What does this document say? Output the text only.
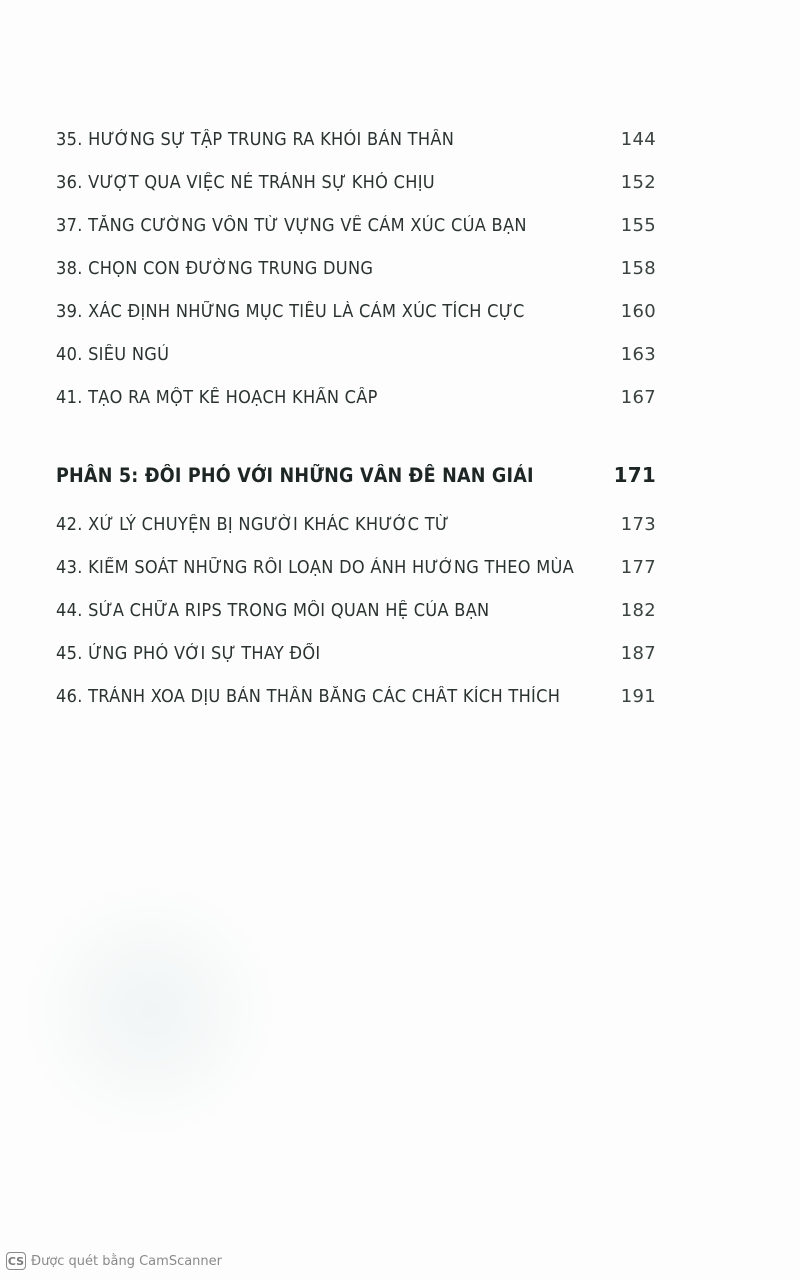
35. HƯỚNG SỰ TẬP TRUNG RA KHỎI BẢN THÂN	144
36. VƯỢT QUA VIỆC NÉ TRÁNH SỰ KHÓ CHỊU	152
37. TĂNG CƯỜNG VỐN TỪ VỰNG VỀ CẢM XÚC CỦA BẠN	155
38. CHỌN CON ĐƯỜNG TRUNG DUNG	158
39. XÁC ĐỊNH NHỮNG MỤC TIÊU LÀ CẢM XÚC TÍCH CỰC	160
40. SIÊU NGỦ	163
41. TẠO RA MỘT KẾ HOẠCH KHẨN CẤP	167
PHẦN 5: ĐỐI PHÓ VỚI NHỮNG VẤN ĐỀ NAN GIẢI	171
42. XỬ LÝ CHUYỆN BỊ NGƯỜI KHÁC KHƯỚC TỪ	173
43. KIỂM SOÁT NHỮNG RỐI LOẠN DO ẢNH HƯỞNG THEO MÙA	177
44. SỬA CHỮA RIPS TRONG MỐI QUAN HỆ CỦA BẠN	182
45. ỨNG PHÓ VỚI SỰ THAY ĐỔI	187
46. TRÁNH XOA DỊU BẢN THÂN BẰNG CÁC CHẤT KÍCH THÍCH	191
CS Được quét bằng CamScanner
